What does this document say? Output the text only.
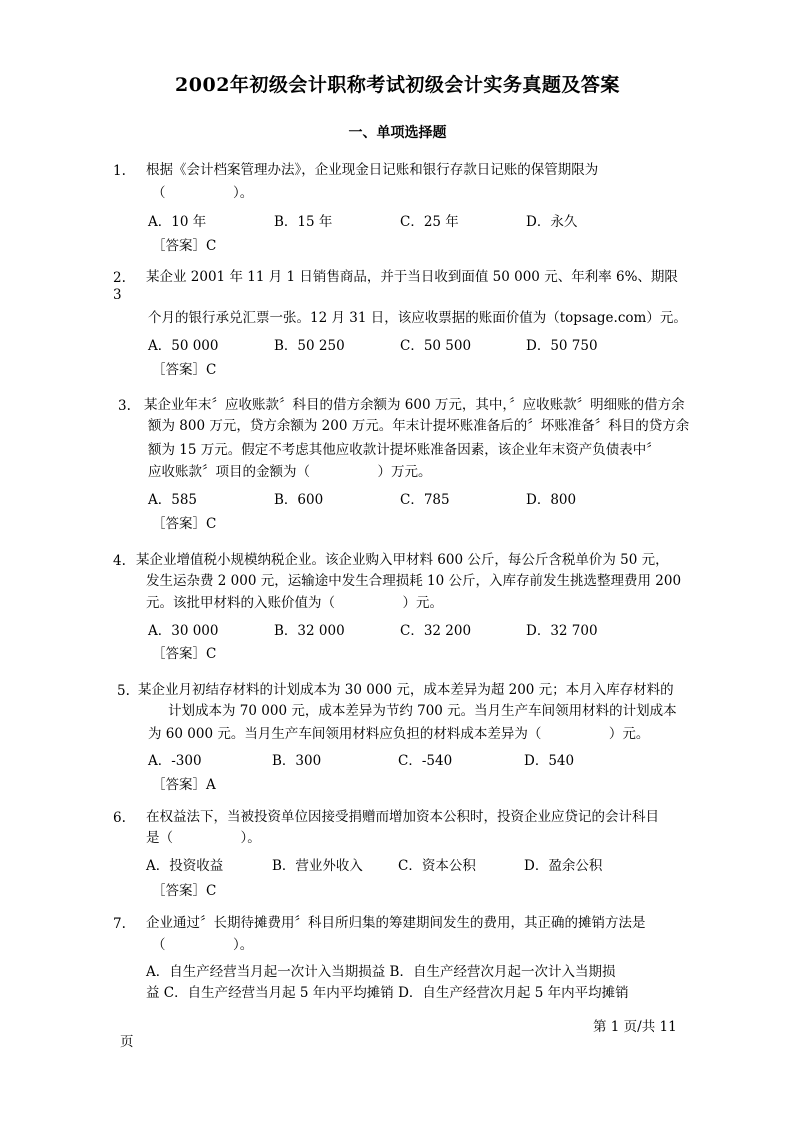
2002年初级会计职称考试初级会计实务真题及答案
一、单项选择题
1. 根据《会计档案管理办法》，企业现金日记账和银行存款日记账的保管期限为
（　　　　　）。
A．10 年	B．15 年	C．25 年	D．永久
［答案］C
2.
3
某企业 2001 年 11 月 1 日销售商品，并于当日收到面值 50 000 元、年利率 6%、期限
个月的银行承兑汇票一张。12 月 31 日，该应收票据的账面价值为（topsage.com）元。
A．50 000	B．50 250	C．50 500	D．50 750
［答案］C
3. 某企业年末〞应收账款〞科目的借方余额为 600 万元，其中，〞应收账款〞明细账的借方余
额为 800 万元，贷方余额为 200 万元。年末计提坏账准备后的〞坏账准备〞科目的贷方余
额为 15 万元。假定不考虑其他应收款计提坏账准备因素，该企业年末资产负债表中〞
应收账款〞项目的金额为（　　　　　）万元。
A．585	B．600	C．785	D．800
［答案］C
4. 某企业增值税小规模纳税企业。该企业购入甲材料 600 公斤，每公斤含税单价为 50 元，
发生运杂费 2 000 元，运输途中发生合理损耗 10 公斤，入库存前发生挑选整理费用 200
元。该批甲材料的入账价值为（　　　　　）元。
A．30 000	B．32 000	C．32 200	D．32 700
［答案］C
5. 某企业月初结存材料的计划成本为 30 000 元，成本差异为超 200 元；本月入库存材料的
计划成本为 70 000 元，成本差异为节约 700 元。当月生产车间领用材料的计划成本
为 60 000 元。当月生产车间领用材料应负担的材料成本差异为（　　　　　）元。
A．-300	B．300	C．-540	D．540
［答案］A
6. 在权益法下，当被投资单位因接受捐赠而增加资本公积时，投资企业应贷记的会计科目
是（　　　　　）。
A．投资收益	B．营业外收入	C．资本公积	D．盈余公积
［答案］C
7. 企业通过〞长期待摊费用〞科目所归集的筹建期间发生的费用，其正确的摊销方法是
（　　　　　）。
A．自生产经营当月起一次计入当期损益 B．自生产经营次月起一次计入当期损
益 C．自生产经营当月起 5 年内平均摊销 D．自生产经营次月起 5 年内平均摊销
第 1 页/共 11
页
